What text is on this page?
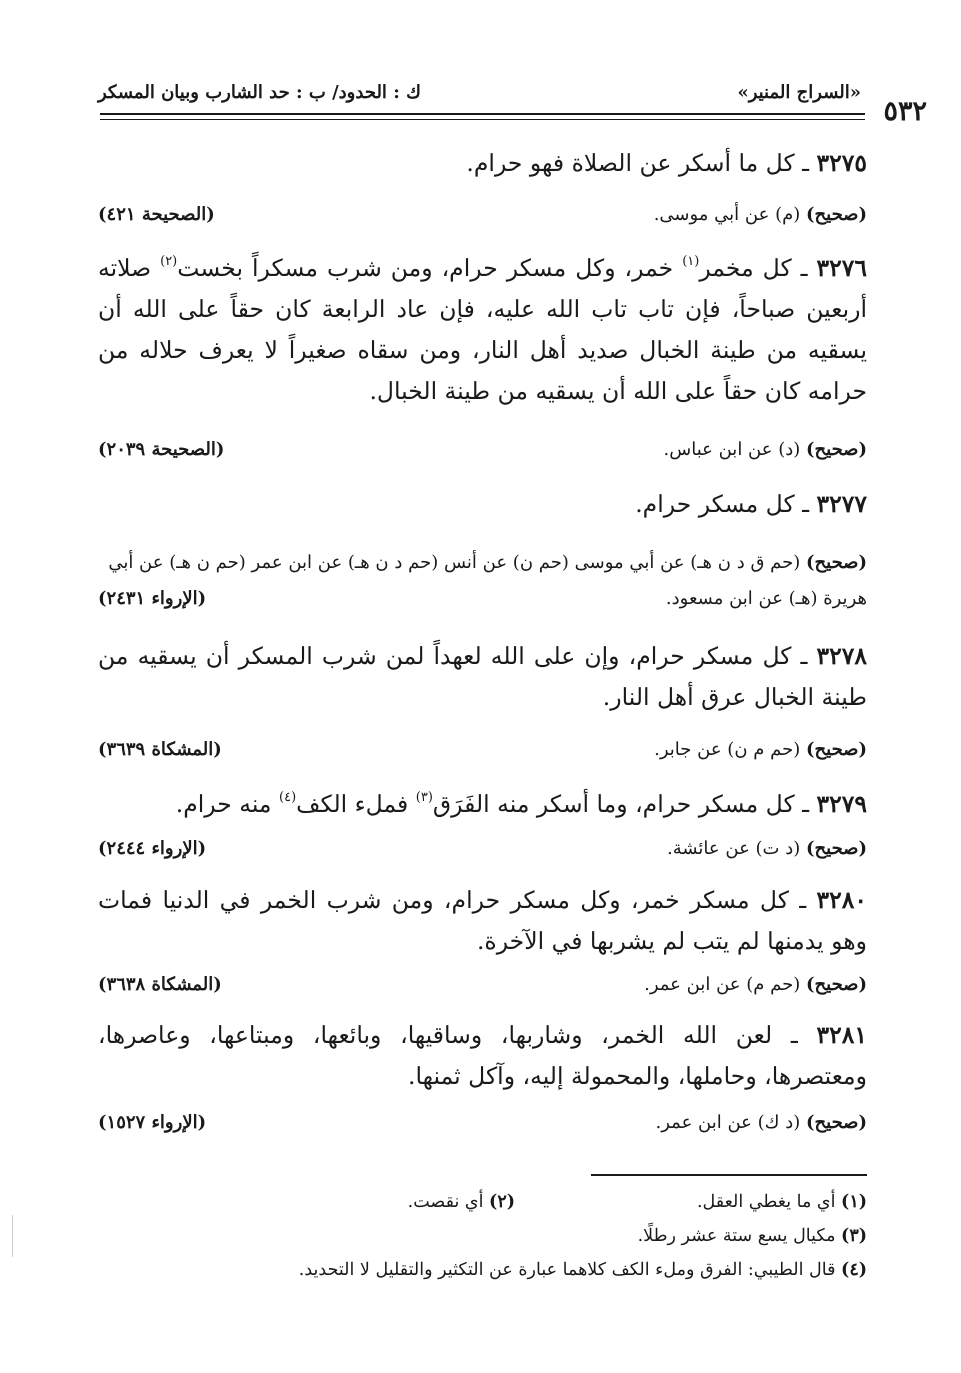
٥٣٢
«السراج المنير»
ك : الحدود/ ب : حد الشارب وبيان المسكر
٣٢٧٥ ـ كل ما أسكر عن الصلاة فهو حرام.
(صحيح) (م) عن أبي موسى.
(الصحيحة ٤٢١)
٣٢٧٦ ـ كل مخمر$^{(١)}$ خمر، وكل مسكر حرام، ومن شرب مسكراً بخست$^{(٢)}$ صلاته أربعين صباحاً، فإن تاب تاب الله عليه، فإن عاد الرابعة كان حقاً على الله أن يسقيه من طينة الخبال صديد أهل النار، ومن سقاه صغيراً لا يعرف حلاله من حرامه كان حقاً على الله أن يسقيه من طينة الخبال.
(صحيح) (د) عن ابن عباس.
(الصحيحة ٢٠٣٩)
٣٢٧٧ ـ كل مسكر حرام.
(صحيح) (حم ق د ن هـ) عن أبي موسى (حم ن) عن أنس (حم د ن هـ) عن ابن عمر (حم ن هـ) عن أبي هريرة (هـ) عن ابن مسعود.
(الإرواء ٢٤٣١)
٣٢٧٨ ـ كل مسكر حرام، وإن على الله لعهداً لمن شرب المسكر أن يسقيه من طينة الخبال عرق أهل النار.
(صحيح) (حم م ن) عن جابر.
(المشكاة ٣٦٣٩)
٣٢٧٩ ـ كل مسكر حرام، وما أسكر منه الفَرَق$^{(٣)}$ فملء الكف$^{(٤)}$ منه حرام.
(صحيح) (د ت) عن عائشة.
(الإرواء ٢٤٤٤)
٣٢٨٠ ـ كل مسكر خمر، وكل مسكر حرام، ومن شرب الخمر في الدنيا فمات وهو يدمنها لم يتب لم يشربها في الآخرة.
(صحيح) (حم م) عن ابن عمر.
(المشكاة ٣٦٣٨)
٣٢٨١ ـ لعن الله الخمر، وشاربها، وساقيها، وبائعها، ومبتاعها، وعاصرها، ومعتصرها، وحاملها، والمحمولة إليه، وآكل ثمنها.
(صحيح) (د ك) عن ابن عمر.
(الإرواء ١٥٢٧)
(١) أي ما يغطي العقل.
(٢) أي نقصت.
(٣) مكيال يسع ستة عشر رطلًا.
(٤) قال الطيبي: الفرق وملء الكف كلاهما عبارة عن التكثير والتقليل لا التحديد.
